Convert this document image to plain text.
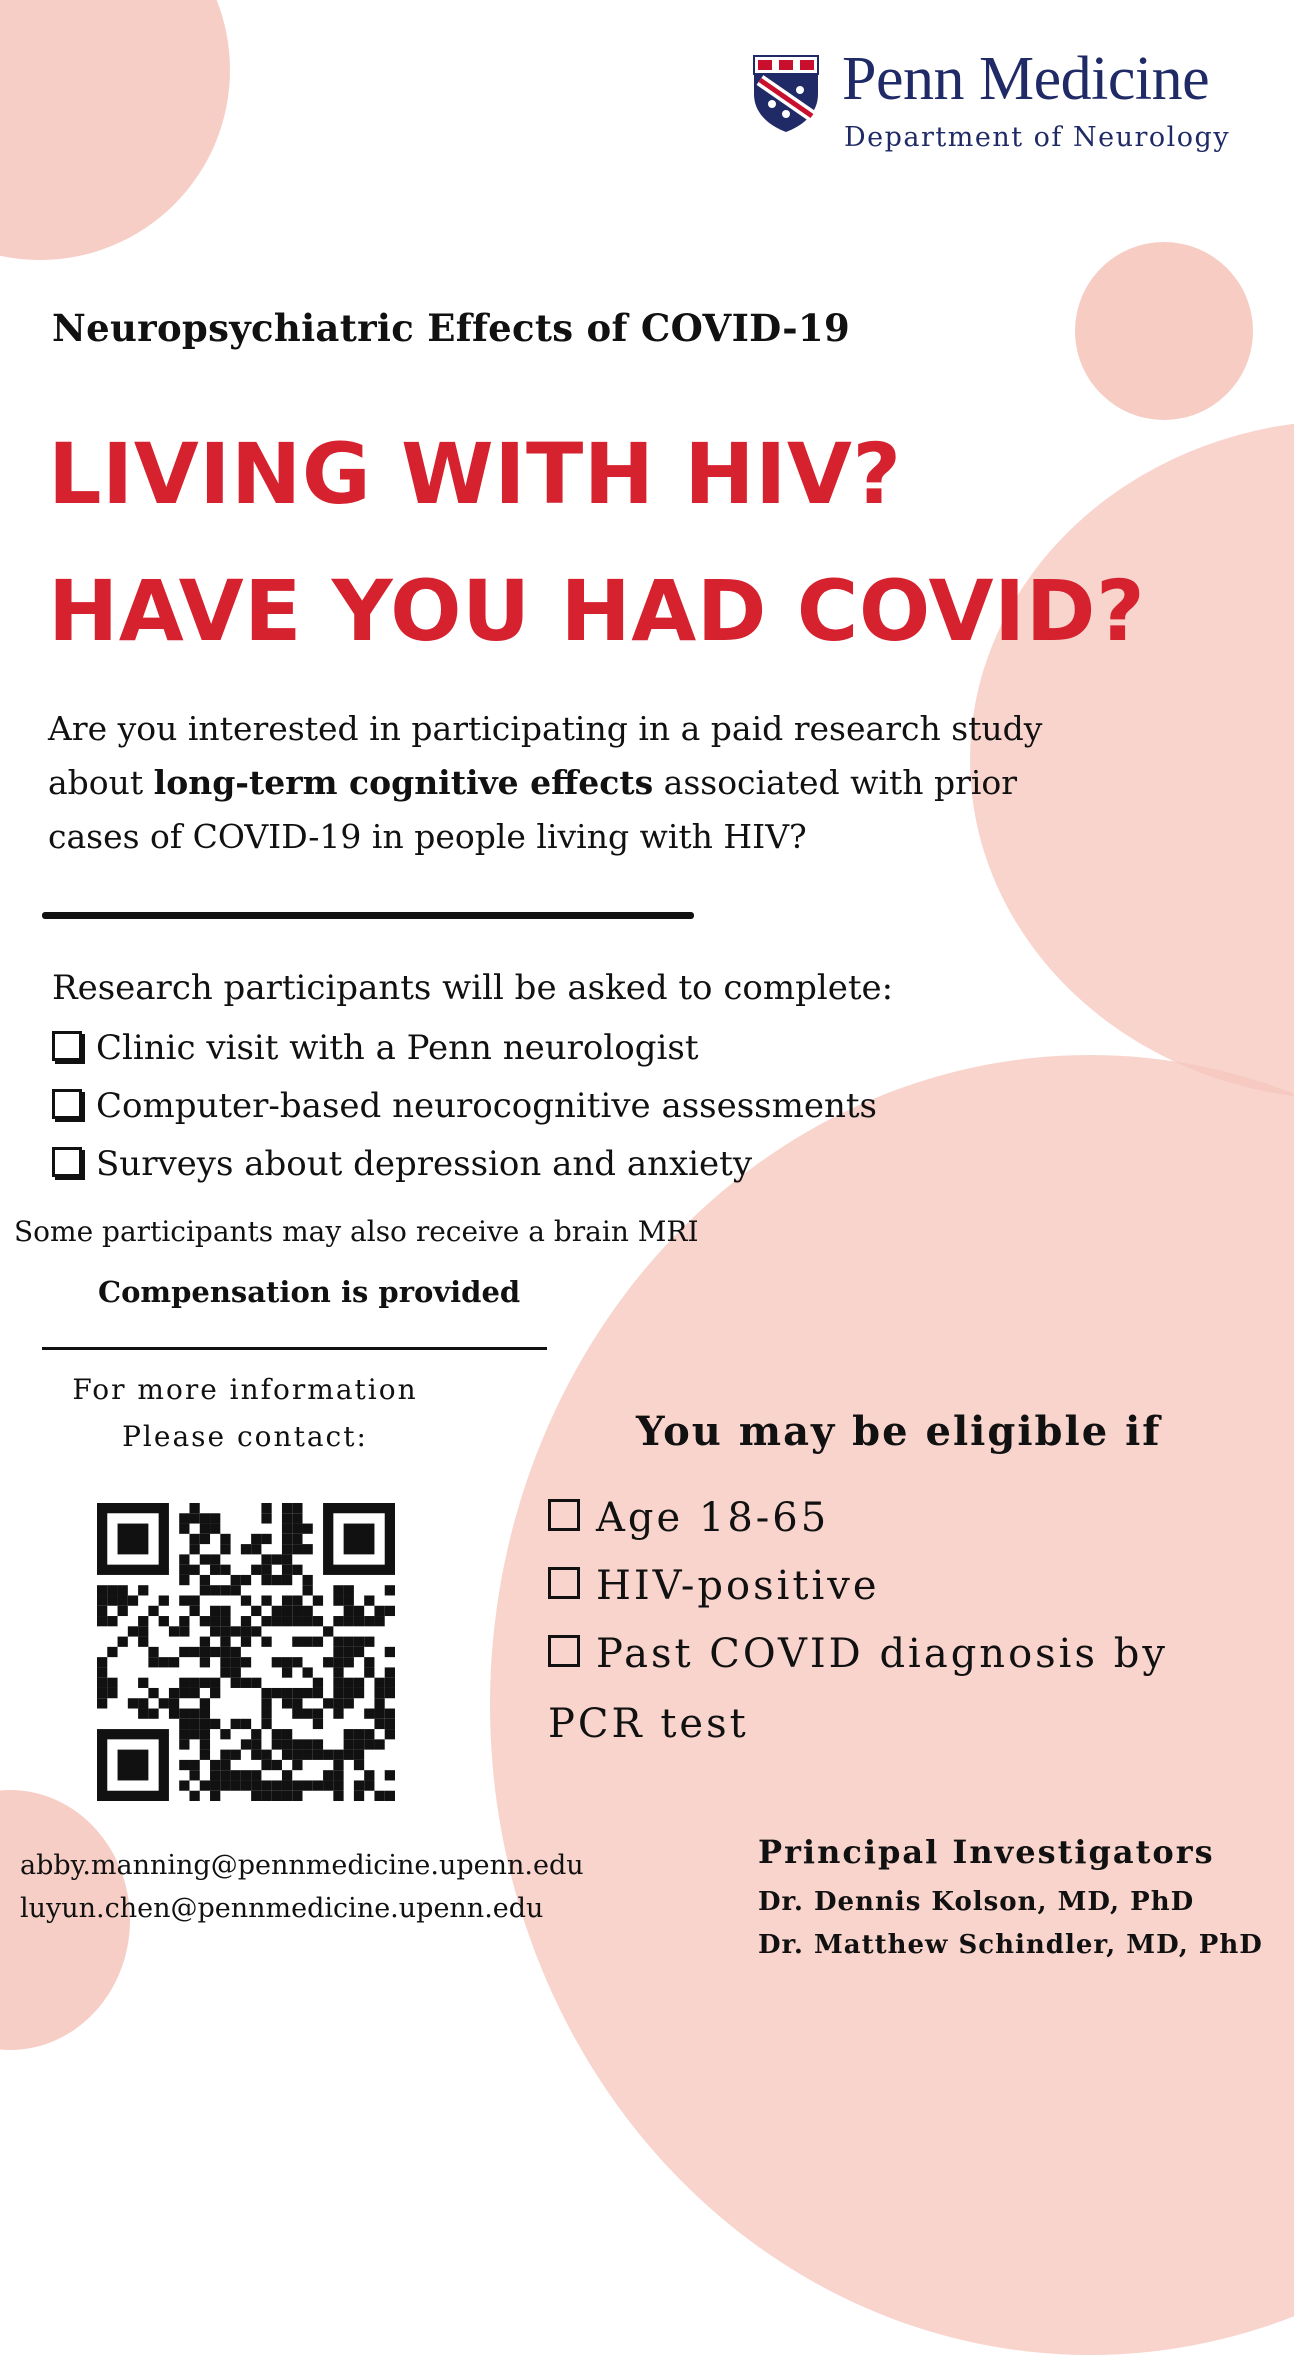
Penn Medicine
Department of Neurology
Neuropsychiatric Effects of COVID-19
LIVING WITH HIV?
HAVE YOU HAD COVID?
Are you interested in participating in a paid research study about long-term cognitive effects associated with prior cases of COVID-19 in people living with HIV?
Research participants will be asked to complete:
Clinic visit with a Penn neurologist
Computer-based neurocognitive assessments
Surveys about depression and anxiety
Some participants may also receive a brain MRI
Compensation is provided
For more information
Please contact:
abby.manning@pennmedicine.upenn.edu
luyun.chen@pennmedicine.upenn.edu
You may be eligible if
Age 18-65
HIV-positive
Past COVID diagnosis by
PCR test
Principal Investigators
Dr. Dennis Kolson, MD, PhD
Dr. Matthew Schindler, MD, PhD
